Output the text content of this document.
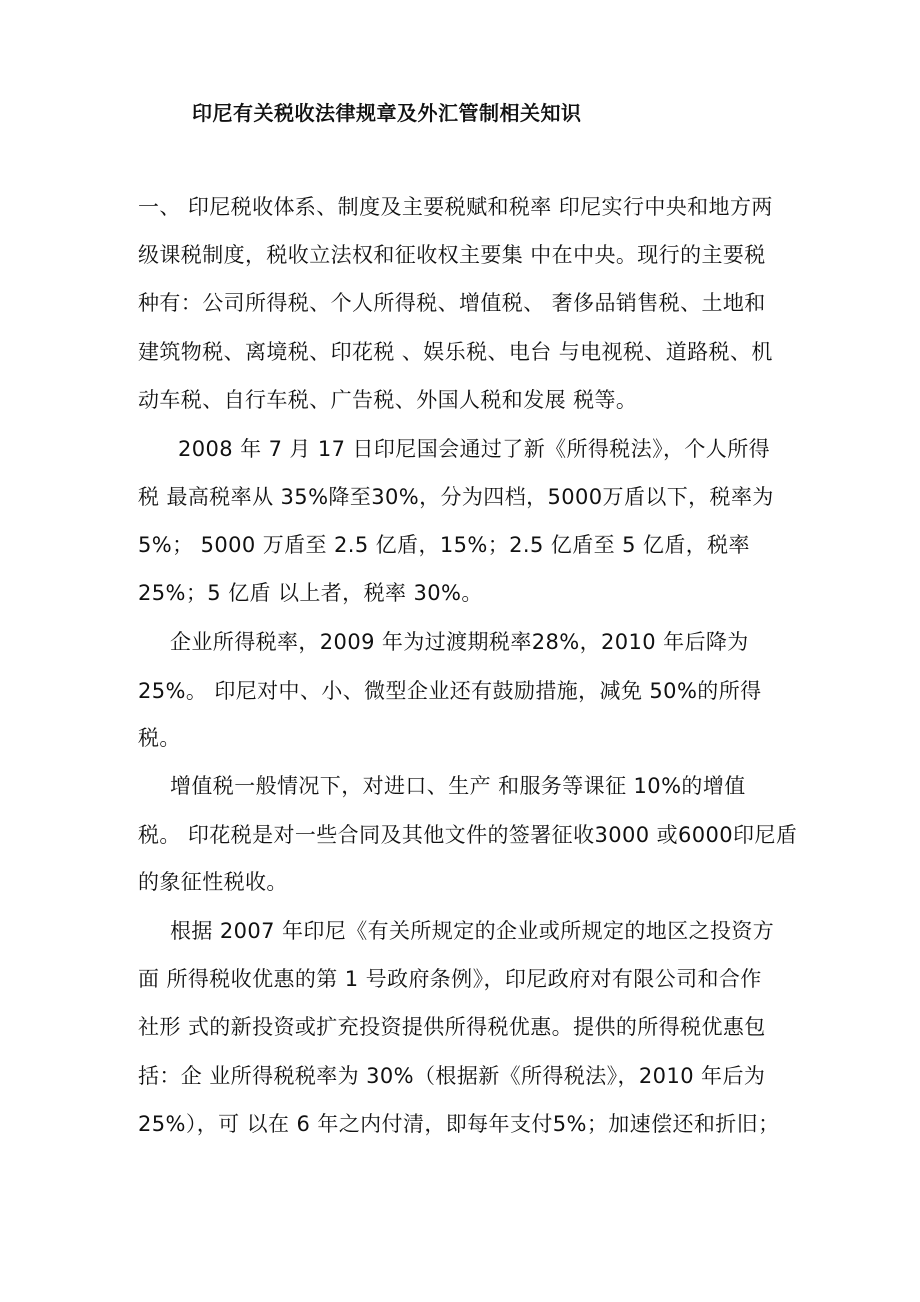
印尼有关税收法律规章及外汇管制相关知识
一、 印尼税收体系、制度及主要税赋和税率 印尼实行中央和地方两
级课税制度，税收立法权和征收权主要集 中在中央。现行的主要税
种有：公司所得税、个人所得税、增值税、 奢侈品销售税、土地和
建筑物税、离境税、印花税 、娱乐税、电台 与电视税、道路税、机
动车税、自行车税、广告税、外国人税和发展 税等。
2008 年 7 月 17 日印尼国会通过了新《所得税法》，个人所得
税 最高税率从 35%降至30%，分为四档，5000万盾以下，税率为
5%； 5000 万盾至 2.5 亿盾，15%；2.5 亿盾至 5 亿盾，税率
25%；5 亿盾 以上者，税率 30%。
企业所得税率，2009 年为过渡期税率28%，2010 年后降为
25%。 印尼对中、小、微型企业还有鼓励措施，减免 50%的所得
税。
增值税一般情况下，对进口、生产 和服务等课征 10%的增值
税。 印花税是对一些合同及其他文件的签署征收3000 或6000印尼盾
的象征性税收。
根据 2007 年印尼《有关所规定的企业或所规定的地区之投资方
面 所得税收优惠的第 1 号政府条例》，印尼政府对有限公司和合作
社形 式的新投资或扩充投资提供所得税优惠。提供的所得税优惠包
括：企 业所得税税率为 30%（根据新《所得税法》，2010 年后为
25%），可 以在 6 年之内付清，即每年支付5%；加速偿还和折旧；
